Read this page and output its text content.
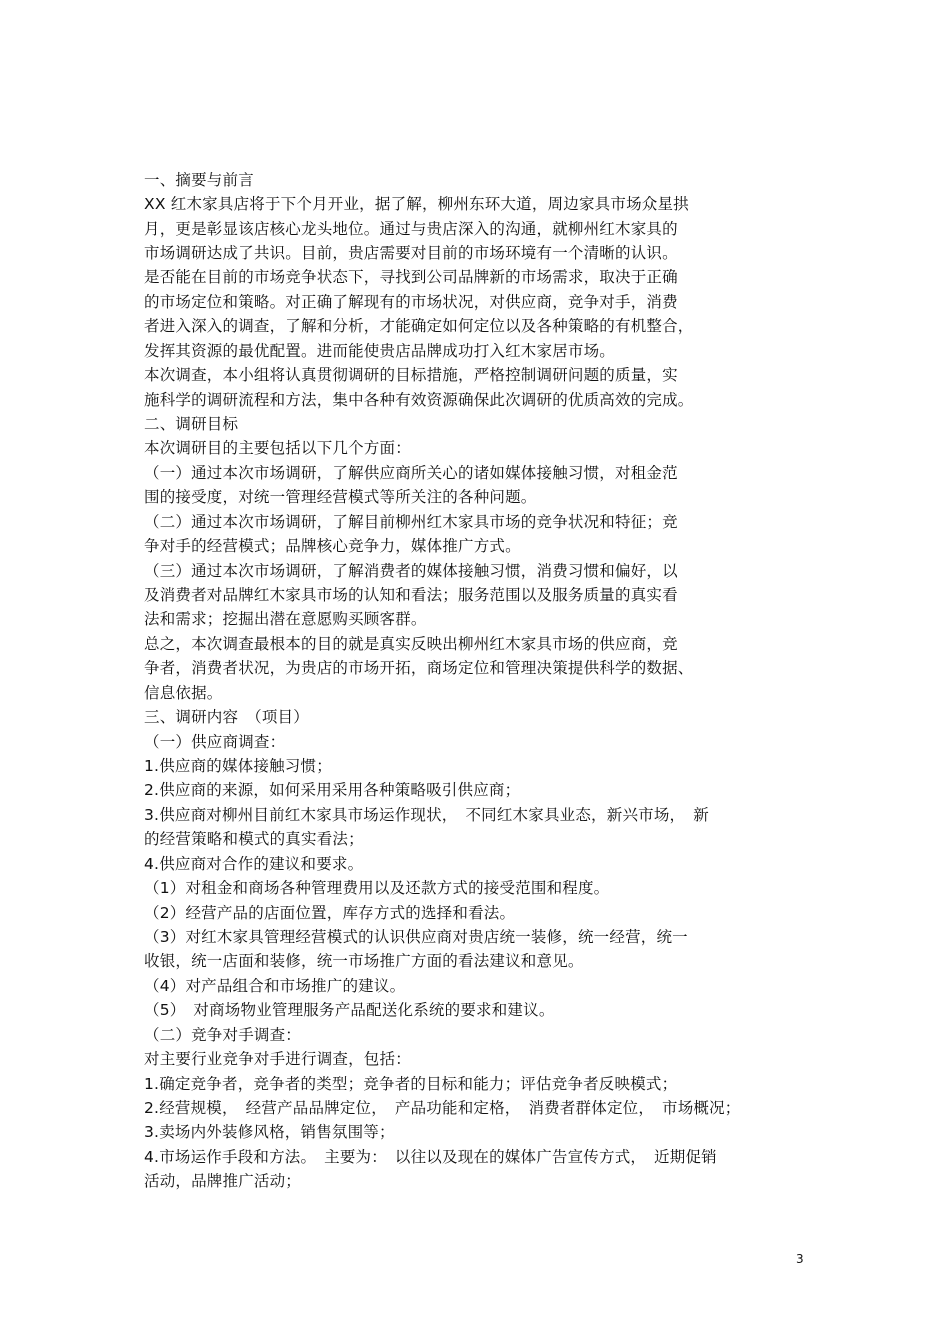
一、摘要与前言
XX 红木家具店将于下个月开业，据了解，柳州东环大道，周边家具市场众星拱
月，更是彰显该店核心龙头地位。通过与贵店深入的沟通，就柳州红木家具的
市场调研达成了共识。目前，贵店需要对目前的市场环境有一个清晰的认识。
是否能在目前的市场竞争状态下，寻找到公司品牌新的市场需求，取决于正确
的市场定位和策略。对正确了解现有的市场状况，对供应商，竞争对手，消费
者进入深入的调查，了解和分析，才能确定如何定位以及各种策略的有机整合，
发挥其资源的最优配置。进而能使贵店品牌成功打入红木家居市场。
本次调查，本小组将认真贯彻调研的目标措施，严格控制调研问题的质量，实
施科学的调研流程和方法，集中各种有效资源确保此次调研的优质高效的完成。
二、调研目标
本次调研目的主要包括以下几个方面：
（一）通过本次市场调研，了解供应商所关心的诸如媒体接触习惯，对租金范
围的接受度，对统一管理经营模式等所关注的各种问题。
（二）通过本次市场调研，了解目前柳州红木家具市场的竞争状况和特征；竞
争对手的经营模式；品牌核心竞争力，媒体推广方式。
（三）通过本次市场调研，了解消费者的媒体接触习惯，消费习惯和偏好，以
及消费者对品牌红木家具市场的认知和看法；服务范围以及服务质量的真实看
法和需求；挖掘出潜在意愿购买顾客群。
总之，本次调查最根本的目的就是真实反映出柳州红木家具市场的供应商，竞
争者，消费者状况，为贵店的市场开拓，商场定位和管理决策提供科学的数据、
信息依据。
三、调研内容　（项目）
（一）供应商调查：
1.供应商的媒体接触习惯；
2.供应商的来源，如何采用采用各种策略吸引供应商；
3.供应商对柳州目前红木家具市场运作现状，　不同红木家具业态，新兴市场，　新
的经营策略和模式的真实看法；
4.供应商对合作的建议和要求。
（1）对租金和商场各种管理费用以及还款方式的接受范围和程度。
（2）经营产品的店面位置，库存方式的选择和看法。
（3）对红木家具管理经营模式的认识供应商对贵店统一装修，统一经营，统一
收银，统一店面和装修，统一市场推广方面的看法建议和意见。
（4）对产品组合和市场推广的建议。
（5）　对商场物业管理服务产品配送化系统的要求和建议。
（二）竞争对手调查：
对主要行业竞争对手进行调查，包括：
1.确定竞争者，竞争者的类型；竞争者的目标和能力；评估竞争者反映模式；
2.经营规模，　经营产品品牌定位，　产品功能和定格，　消费者群体定位，　市场概况；
3.卖场内外装修风格，销售氛围等；
4.市场运作手段和方法。　主要为：　以往以及现在的媒体广告宣传方式，　近期促销
活动，品牌推广活动；
3
